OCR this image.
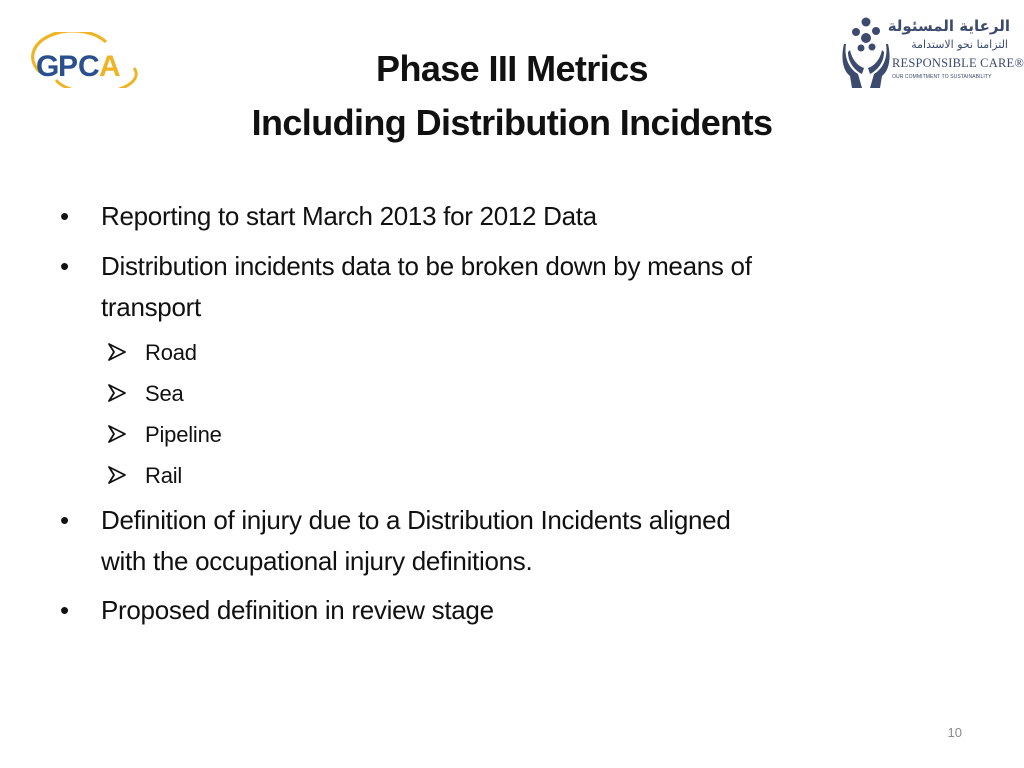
G
P C A
الرعاية المسئولة
التزامنا نحو الاستدامة
RESPONSIBLE CARE®
OUR COMMITMENT TO SUSTAINABILITY
Phase III Metrics
Including Distribution Incidents
•	Reporting to start March 2013 for 2012 Data
•	Distribution incidents data to be broken down by means of
transport
Road
Sea
Pipeline
Rail
•	Definition of injury due to a Distribution Incidents aligned
with the occupational injury definitions.
•	Proposed definition in review stage
10
